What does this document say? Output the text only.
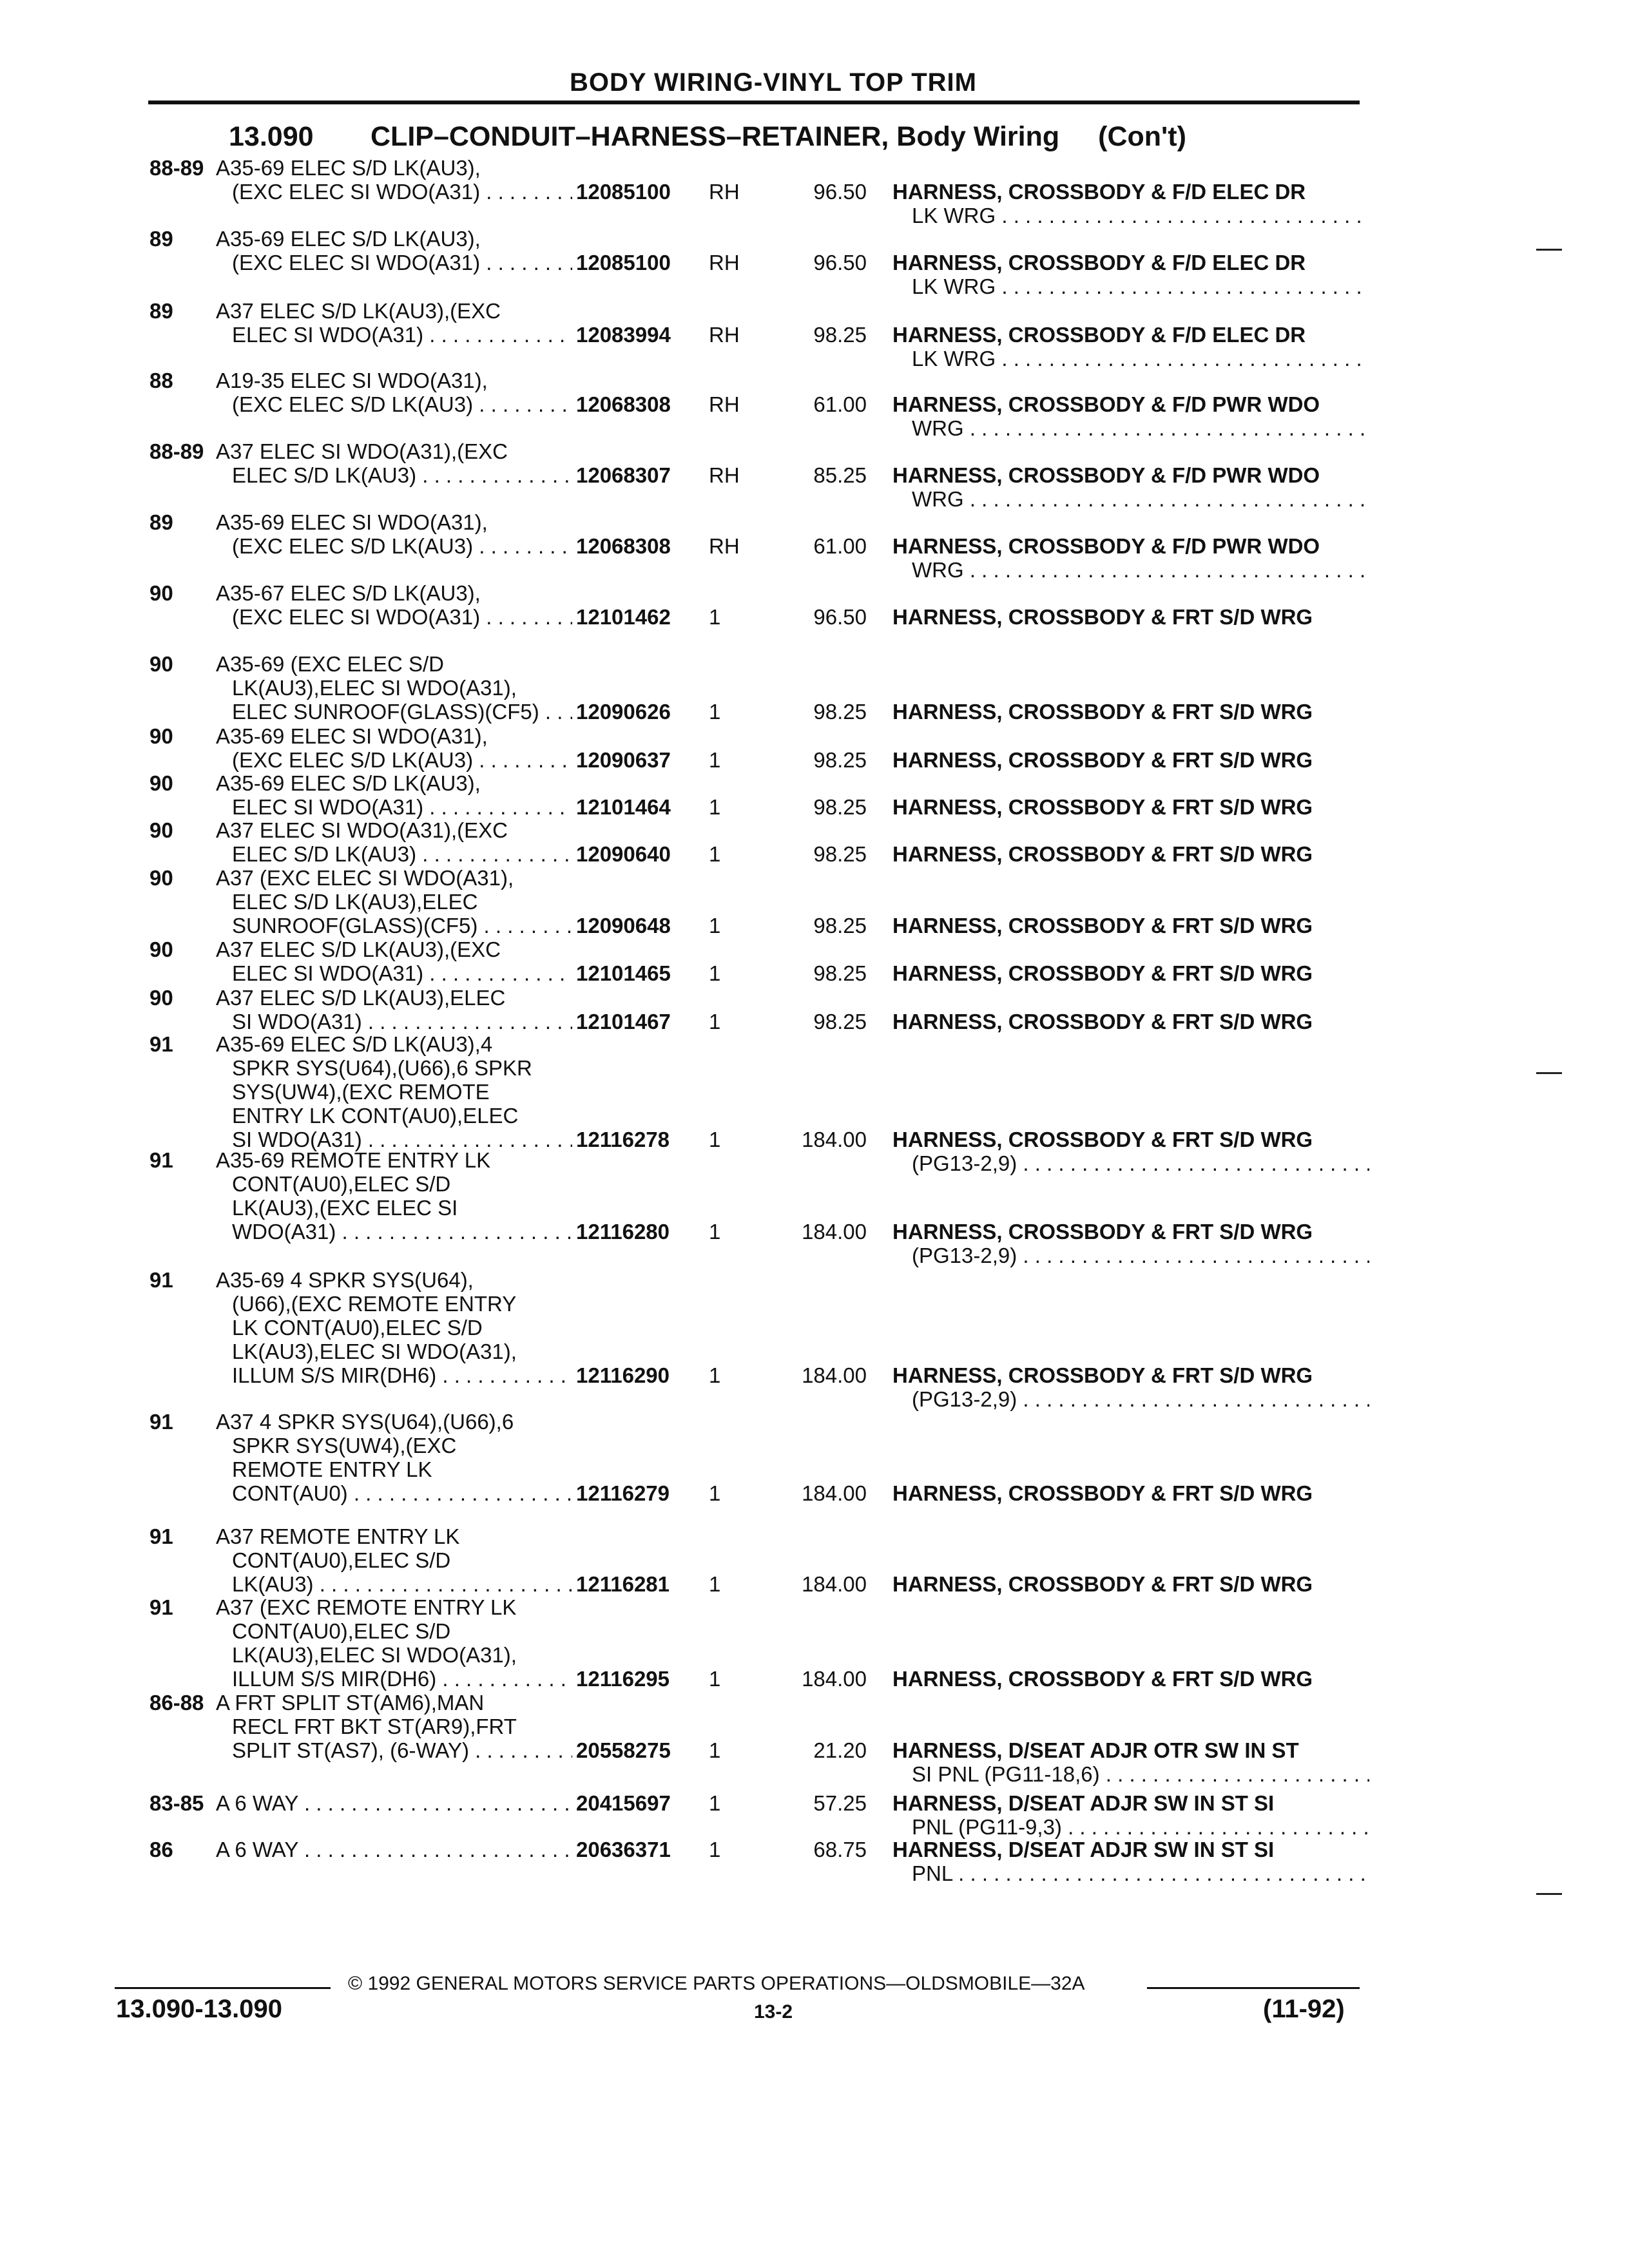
BODY WIRING-VINYL TOP TRIM
13.090 CLIP–CONDUIT–HARNESS–RETAINER, Body Wiring (Con't)
88-89 A35-69 ELEC S/D LK(AU3),
(EXC ELEC SI WDO(A31) . . .	12085100	RH	96.50 HARNESS, CROSSBODY & F/D ELEC DR
LK WRG . . .
89 A35-69 ELEC S/D LK(AU3),
(EXC ELEC SI WDO(A31) . . .	12085100	RH	96.50 HARNESS, CROSSBODY & F/D ELEC DR
LK WRG . . .
89 A37 ELEC S/D LK(AU3),(EXC
ELEC SI WDO(A31) . . .	12083994	RH	98.25 HARNESS, CROSSBODY & F/D ELEC DR
LK WRG . . .
88 A19-35 ELEC SI WDO(A31),
(EXC ELEC S/D LK(AU3) . . .	12068308	RH	61.00 HARNESS, CROSSBODY & F/D PWR WDO
WRG . . .
88-89 A37 ELEC SI WDO(A31),(EXC
ELEC S/D LK(AU3) . . .	12068307	RH	85.25 HARNESS, CROSSBODY & F/D PWR WDO
WRG . . .
89 A35-69 ELEC SI WDO(A31),
(EXC ELEC S/D LK(AU3) . . .	12068308	RH	61.00 HARNESS, CROSSBODY & F/D PWR WDO
WRG . . .
90 A35-67 ELEC S/D LK(AU3),
(EXC ELEC SI WDO(A31) . . .	12101462	1	96.50 HARNESS, CROSSBODY & FRT S/D WRG
90 A35-69 (EXC ELEC S/D
LK(AU3),ELEC SI WDO(A31),
ELEC SUNROOF(GLASS)(CF5) . . .	12090626	1	98.25 HARNESS, CROSSBODY & FRT S/D WRG
90 A35-69 ELEC SI WDO(A31),
(EXC ELEC S/D LK(AU3) . . .	12090637	1	98.25 HARNESS, CROSSBODY & FRT S/D WRG
90 A35-69 ELEC S/D LK(AU3),
ELEC SI WDO(A31) . . .	12101464	1	98.25 HARNESS, CROSSBODY & FRT S/D WRG
90 A37 ELEC SI WDO(A31),(EXC
ELEC S/D LK(AU3) . . .	12090640	1	98.25 HARNESS, CROSSBODY & FRT S/D WRG
90 A37 (EXC ELEC SI WDO(A31),
ELEC S/D LK(AU3),ELEC
SUNROOF(GLASS)(CF5) . . .	12090648	1	98.25 HARNESS, CROSSBODY & FRT S/D WRG
90 A37 ELEC S/D LK(AU3),(EXC
ELEC SI WDO(A31) . . .	12101465	1	98.25 HARNESS, CROSSBODY & FRT S/D WRG
90 A37 ELEC S/D LK(AU3),ELEC
SI WDO(A31) . . .	12101467	1	98.25 HARNESS, CROSSBODY & FRT S/D WRG
91 A35-69 ELEC S/D LK(AU3),4
SPKR SYS(U64),(U66),6 SPKR
SYS(UW4),(EXC REMOTE
ENTRY LK CONT(AU0),ELEC
SI WDO(A31) . . .	12116278	1	184.00 HARNESS, CROSSBODY & FRT S/D WRG
(PG13-2,9) . . .
91 A35-69 REMOTE ENTRY LK
CONT(AU0),ELEC S/D
LK(AU3),(EXC ELEC SI
WDO(A31) . . .	12116280	1	184.00 HARNESS, CROSSBODY & FRT S/D WRG
(PG13-2,9) . . .
91 A35-69 4 SPKR SYS(U64),
(U66),(EXC REMOTE ENTRY
LK CONT(AU0),ELEC S/D
LK(AU3),ELEC SI WDO(A31),
ILLUM S/S MIR(DH6) . . .	12116290	1	184.00 HARNESS, CROSSBODY & FRT S/D WRG
(PG13-2,9) . . .
91 A37 4 SPKR SYS(U64),(U66),6
SPKR SYS(UW4),(EXC
REMOTE ENTRY LK
CONT(AU0) . . .	12116279	1	184.00 HARNESS, CROSSBODY & FRT S/D WRG
91 A37 REMOTE ENTRY LK
CONT(AU0),ELEC S/D
LK(AU3) . . .	12116281	1	184.00 HARNESS, CROSSBODY & FRT S/D WRG
91 A37 (EXC REMOTE ENTRY LK
CONT(AU0),ELEC S/D
LK(AU3),ELEC SI WDO(A31),
ILLUM S/S MIR(DH6) . . .	12116295	1	184.00 HARNESS, CROSSBODY & FRT S/D WRG
86-88 A FRT SPLIT ST(AM6),MAN
RECL FRT BKT ST(AR9),FRT
SPLIT ST(AS7), (6-WAY) . . .	20558275	1	21.20 HARNESS, D/SEAT ADJR OTR SW IN ST
SI PNL (PG11-18,6) . . .
83-85 A 6 WAY . . .	20415697	1	57.25 HARNESS, D/SEAT ADJR SW IN ST SI
PNL (PG11-9,3) . . .
86 A 6 WAY . . .	20636371	1	68.75 HARNESS, D/SEAT ADJR SW IN ST SI
PNL . . .
© 1992 GENERAL MOTORS SERVICE PARTS OPERATIONS—OLDSMOBILE—32A
13.090-13.090	13-2	(11-92)
